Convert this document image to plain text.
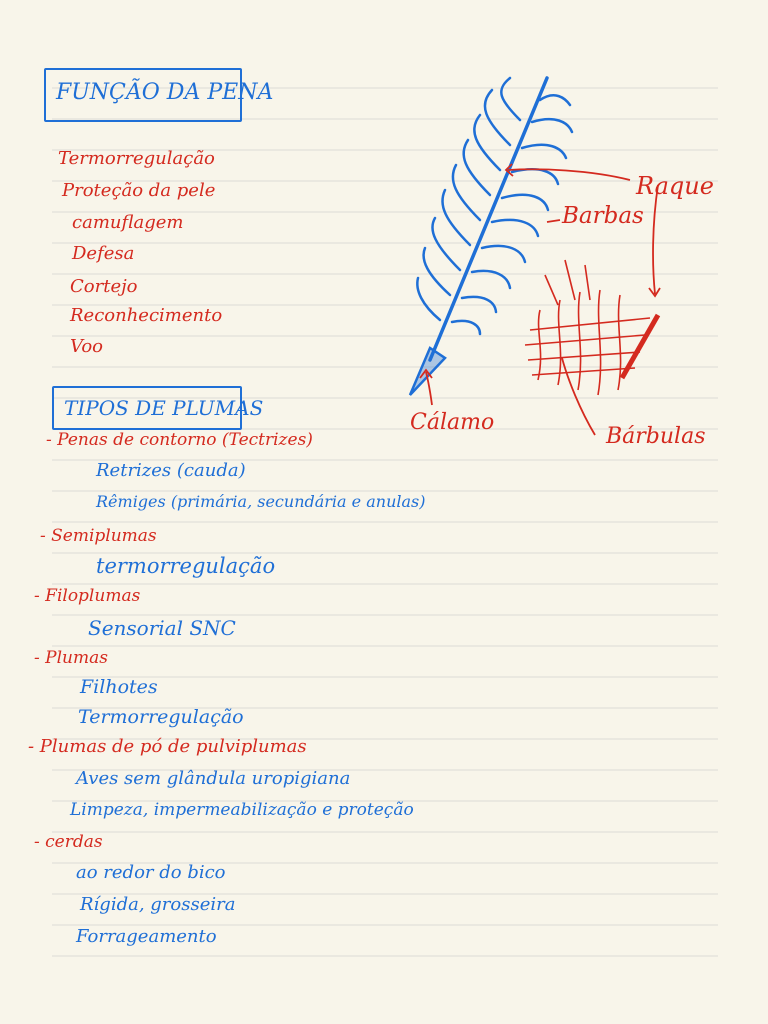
FUNÇÃO DA PENA
Termorregulação
Proteção da pele
camuflagem
Defesa
Cortejo
Reconhecimento
Voo
Raque
Barbas
Cálamo
Bárbulas
TIPOS DE PLUMAS
- Penas de contorno (Tectrizes)
Retrizes (cauda)
Rêmiges (primária, secundária e anulas)
- Semiplumas
termorregulação
- Filoplumas
Sensorial SNC
- Plumas
Filhotes
Termorregulação
- Plumas de pó de pulviplumas
Aves sem glândula uropigiana
Limpeza, impermeabilização e proteção
- cerdas
ao redor do bico
Rígida, grosseira
Forrageamento
